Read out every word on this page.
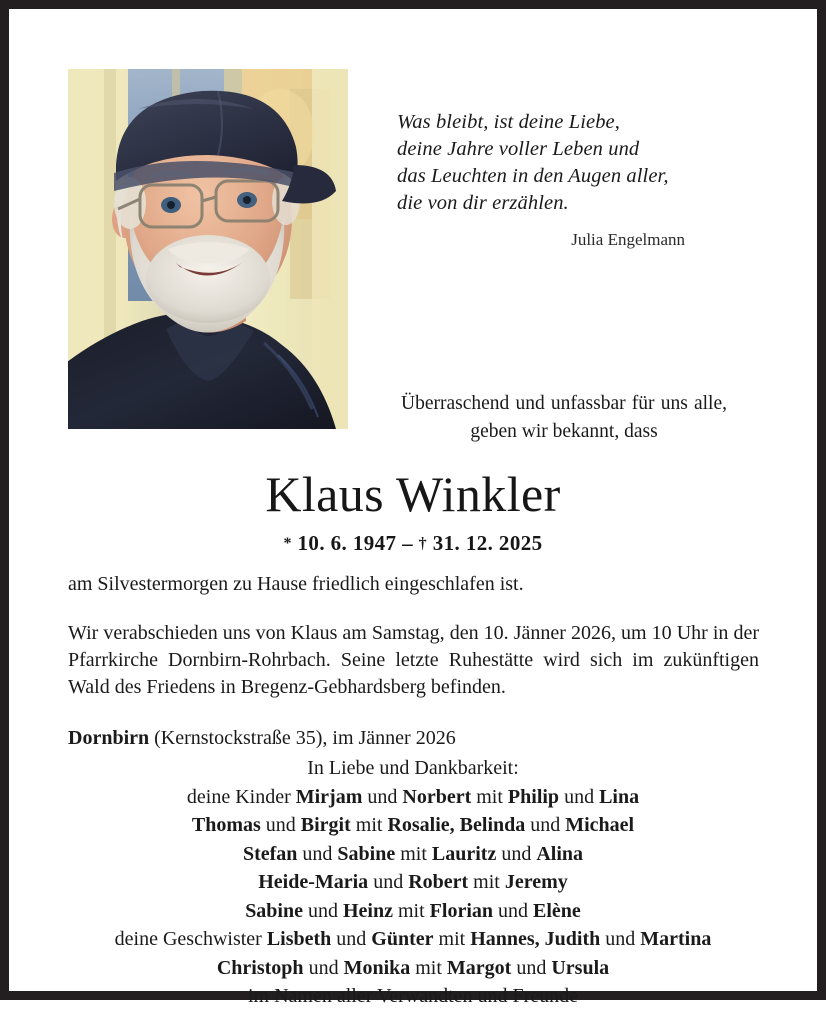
Was bleibt, ist deine Liebe,
deine Jahre voller Leben und
das Leuchten in den Augen aller,
die von dir erzählen.
Julia Engelmann
Überraschend und unfassbar für uns alle, geben wir bekannt, dass
Klaus Winkler
* 10. 6. 1947 – † 31. 12. 2025
am Silvestermorgen zu Hause friedlich eingeschlafen ist.
Wir verabschieden uns von Klaus am Samstag, den 10. Jänner 2026, um 10 Uhr in der Pfarrkirche Dornbirn-Rohrbach. Seine letzte Ruhestätte wird sich im zukünftigen Wald des Friedens in Bregenz-Gebhardsberg befinden.
Dornbirn (Kernstockstraße 35), im Jänner 2026
In Liebe und Dankbarkeit:
deine Kinder Mirjam und Norbert mit Philip und Lina
Thomas und Birgit mit Rosalie, Belinda und Michael
Stefan und Sabine mit Lauritz und Alina
Heide-Maria und Robert mit Jeremy
Sabine und Heinz mit Florian und Elène
deine Geschwister Lisbeth und Günter mit Hannes, Judith und Martina
Christoph und Monika mit Margot und Ursula
im Namen aller Verwandten und Freunde
